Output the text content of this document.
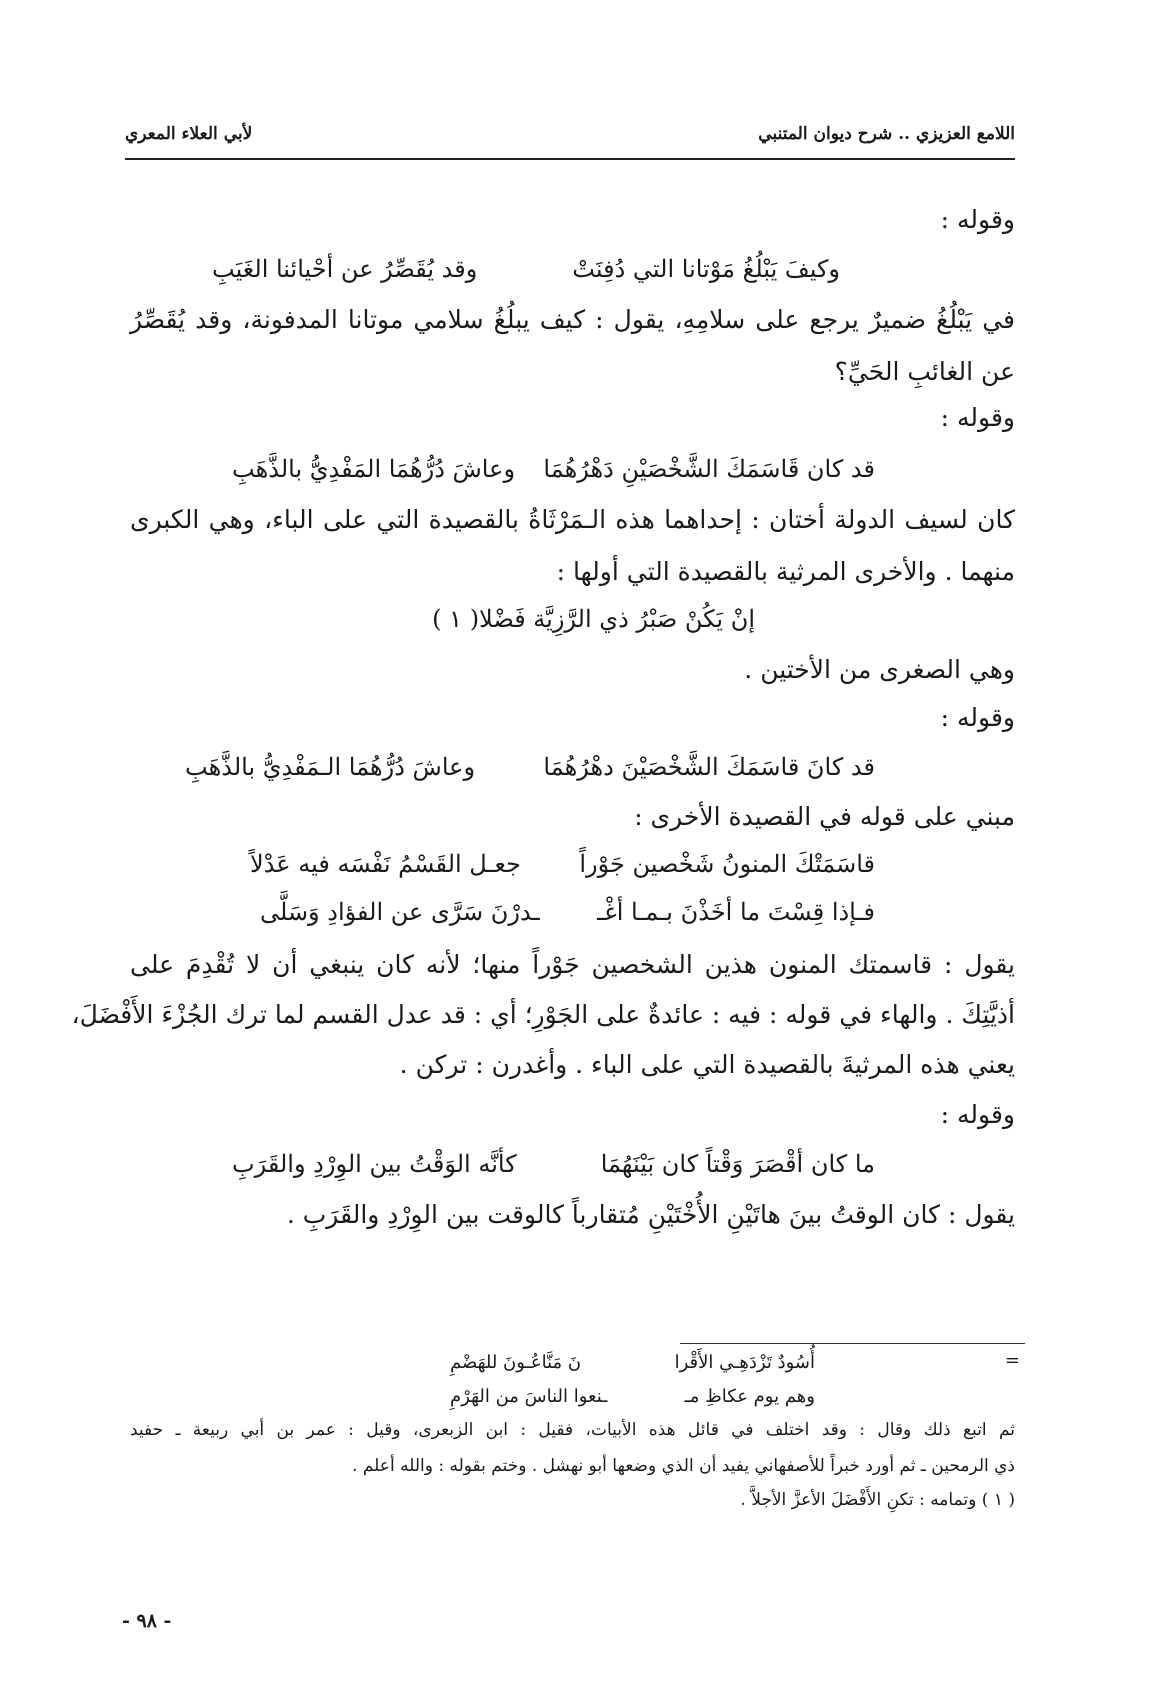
اللامع العزيزي .. شرح ديوان المتنبي
لأبي العلاء المعري
وقوله :
وكيفَ يَبْلُغُ مَوْتانا التي دُفِنَتْ
وقد يُقَصِّرُ عن أحْيائنا الغَيَبِ
في يَبْلُغُ ضميرٌ يرجع على سلامِهِ، يقول : كيف يبلُغُ سلامي موتانا المدفونة، وقد يُقَصِّرُ
عن الغائبِ الحَيِّ؟
وقوله :
قد كان قَاسَمَكَ الشَّخْصَيْنِ دَهْرُهُمَا
وعاشَ دُرُّهُمَا المَفْدِيُّ بالذَّهَبِ
كان لسيف الدولة أختان : إحداهما هذه الـمَرْثَاةُ بالقصيدة التي على الباء، وهي الكبرى
منهما . والأخرى المرثية بالقصيدة التي أولها :
إنْ يَكُنْ صَبْرُ ذي الرَّزِيَّة فَضْلا( ١ )
وهي الصغرى من الأختين .
وقوله :
قد كانَ قاسَمَكَ الشَّخْصَيْنَ دهْرُهُمَا
وعاشَ دُرُّهُمَا الـمَفْدِيُّ بالذَّهَبِ
مبني على قوله في القصيدة الأخرى :
قاسَمَتْكَ المنونُ شَخْصين جَوْراً
جعـل القَسْمُ نَفْسَه فيه عَدْلاً
فـإذا قِسْتَ ما أخَذْنَ بـمـا أغْـ
ـدرْنَ سَرَّى عن الفؤادِ وَسَلَّى
يقول : قاسمتك المنون هذين الشخصين جَوْراً منها؛ لأنه كان ينبغي أن لا تُقْدِمَ على
أذيَّتِكَ . والهاء في قوله : فيه : عائدةٌ على الجَوْرِ؛ أي : قد عدل القسم لما ترك الجُزْءَ الأَفْضَلَ،
يعني هذه المرثيةَ بالقصيدة التي على الباء . وأغدرن : تركن .
وقوله :
ما كان أقْصَرَ وَقْتاً كان بَيْنَهُمَا
كأنَّه الوَقْتُ بين الوِرْدِ والقَرَبِ
يقول : كان الوقتُ بينَ هاتَيْنِ الأُخْتَيْنِ مُتقارباً كالوقت بين الوِرْدِ والقَرَبِ .
=
أُسُودٌ تَزْدَهِـي الأَقْرا
نَ مَنَّاعُـونَ للهَضْمِ
وهم يوم عكاظِ مـ
ـنعوا الناسَ من الهَرْمِ
ثم اتبع ذلك وقال : وقد اختلف في قائل هذه الأبيات، فقيل : ابن الزبعرى، وقيل : عمر بن أبي ربيعة ـ حفيد
ذي الرمحين ـ ثم أورد خبراً للأصفهاني يفيد أن الذي وضعها أبو نهشل . وختم بقوله : والله أعلم .
( ١ ) وتمامه : تكنِ الأَفْضَلَ الأعزَّ الأجلاَّ .
- ٩٨ -
